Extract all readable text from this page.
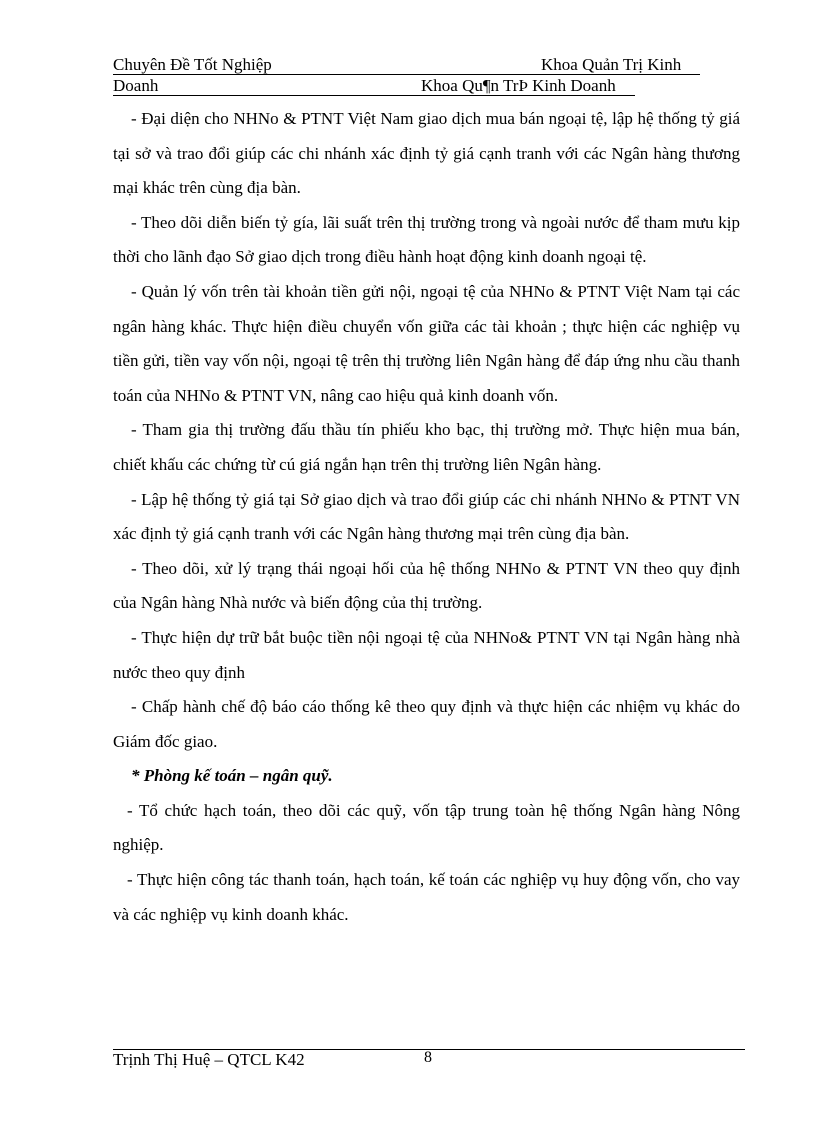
Chuyên Đề Tốt Nghiệp	Khoa Quản Trị Kinh
Doanh	Khoa Qu¶n TrÞ Kinh Doanh

- Đại diện cho NHNo & PTNT Việt Nam giao dịch mua bán ngoại tệ, lập hệ thống tỷ giá tại sở và trao đổi giúp các chi nhánh xác định tỷ giá cạnh tranh với các Ngân hàng thương mại khác trên cùng địa bàn.

- Theo dõi diễn biến tỷ gía, lãi suất trên thị trường trong và ngoài nước để tham mưu kịp thời cho lãnh đạo Sở giao dịch trong điều hành hoạt động kinh doanh ngoại tệ.

- Quản lý vốn trên tài khoản tiền gửi nội, ngoại tệ của NHNo & PTNT Việt Nam tại các ngân hàng khác. Thực hiện điều chuyển vốn giữa các tài khoản ; thực hiện các nghiệp vụ tiền gửi, tiền vay vốn nội, ngoại tệ trên thị trường liên Ngân hàng để đáp ứng nhu cầu thanh toán của NHNo & PTNT VN, nâng cao hiệu quả kinh doanh vốn.

- Tham gia thị trường đấu thầu tín phiếu kho bạc, thị trường mở. Thực hiện mua bán, chiết khấu các chứng từ cú giá ngắn hạn trên thị trường liên Ngân hàng.

- Lập hệ thống tỷ giá tại Sở giao dịch và trao đổi giúp các chi nhánh NHNo & PTNT VN xác định tỷ giá cạnh tranh với các Ngân hàng thương mại trên cùng địa bàn.

- Theo dõi, xử lý trạng thái ngoại hối của hệ thống NHNo & PTNT VN theo quy định của Ngân hàng Nhà nước và biến động của thị trường.

- Thực hiện dự trữ bắt buộc tiền nội ngoại tệ của NHNo& PTNT VN tại Ngân hàng nhà nước theo quy định

- Chấp hành chế độ báo cáo thống kê theo quy định và thực hiện các nhiệm vụ khác do Giám đốc giao.

* Phòng kế toán – ngân quỹ.

- Tổ chức hạch toán, theo dõi các quỹ, vốn tập trung toàn hệ thống Ngân hàng Nông nghiệp.

- Thực hiện công tác thanh toán, hạch toán, kế toán các nghiệp vụ huy động vốn, cho vay và các nghiệp vụ kinh doanh khác.

Trịnh Thị Huệ – QTCL K42	8
